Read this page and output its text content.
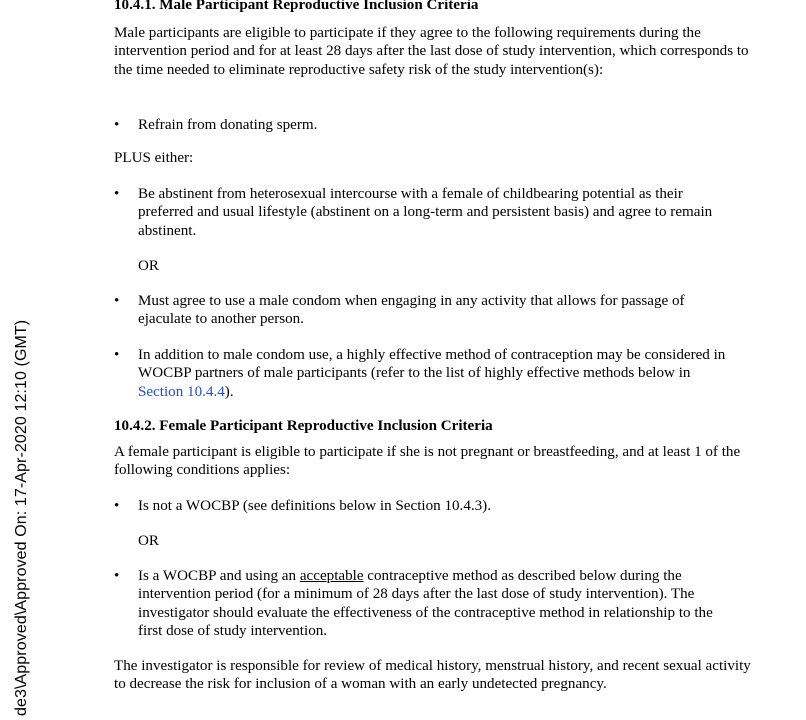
de3\Approved\Approved On: 17-Apr-2020 12:10 (GMT)
10.4.1. Male Participant Reproductive Inclusion Criteria

Male participants are eligible to participate if they agree to the following requirements during the intervention period and for at least 28 days after the last dose of study intervention, which corresponds to the time needed to eliminate reproductive safety risk of the study intervention(s):

•	Refrain from donating sperm.

PLUS either:

•	Be abstinent from heterosexual intercourse with a female of childbearing potential as their preferred and usual lifestyle (abstinent on a long-term and persistent basis) and agree to remain abstinent.

OR

•	Must agree to use a male condom when engaging in any activity that allows for passage of ejaculate to another person.
•	In addition to male condom use, a highly effective method of contraception may be considered in WOCBP partners of male participants (refer to the list of highly effective methods below in Section 10.4.4).
10.4.2. Female Participant Reproductive Inclusion Criteria

A female participant is eligible to participate if she is not pregnant or breastfeeding, and at least 1 of the following conditions applies:

•	Is not a WOCBP (see definitions below in Section 10.4.3).

OR

•	Is a WOCBP and using an acceptable contraceptive method as described below during the intervention period (for a minimum of 28 days after the last dose of study intervention). The investigator should evaluate the effectiveness of the contraceptive method in relationship to the first dose of study intervention.

The investigator is responsible for review of medical history, menstrual history, and recent sexual activity to decrease the risk for inclusion of a woman with an early undetected pregnancy.
